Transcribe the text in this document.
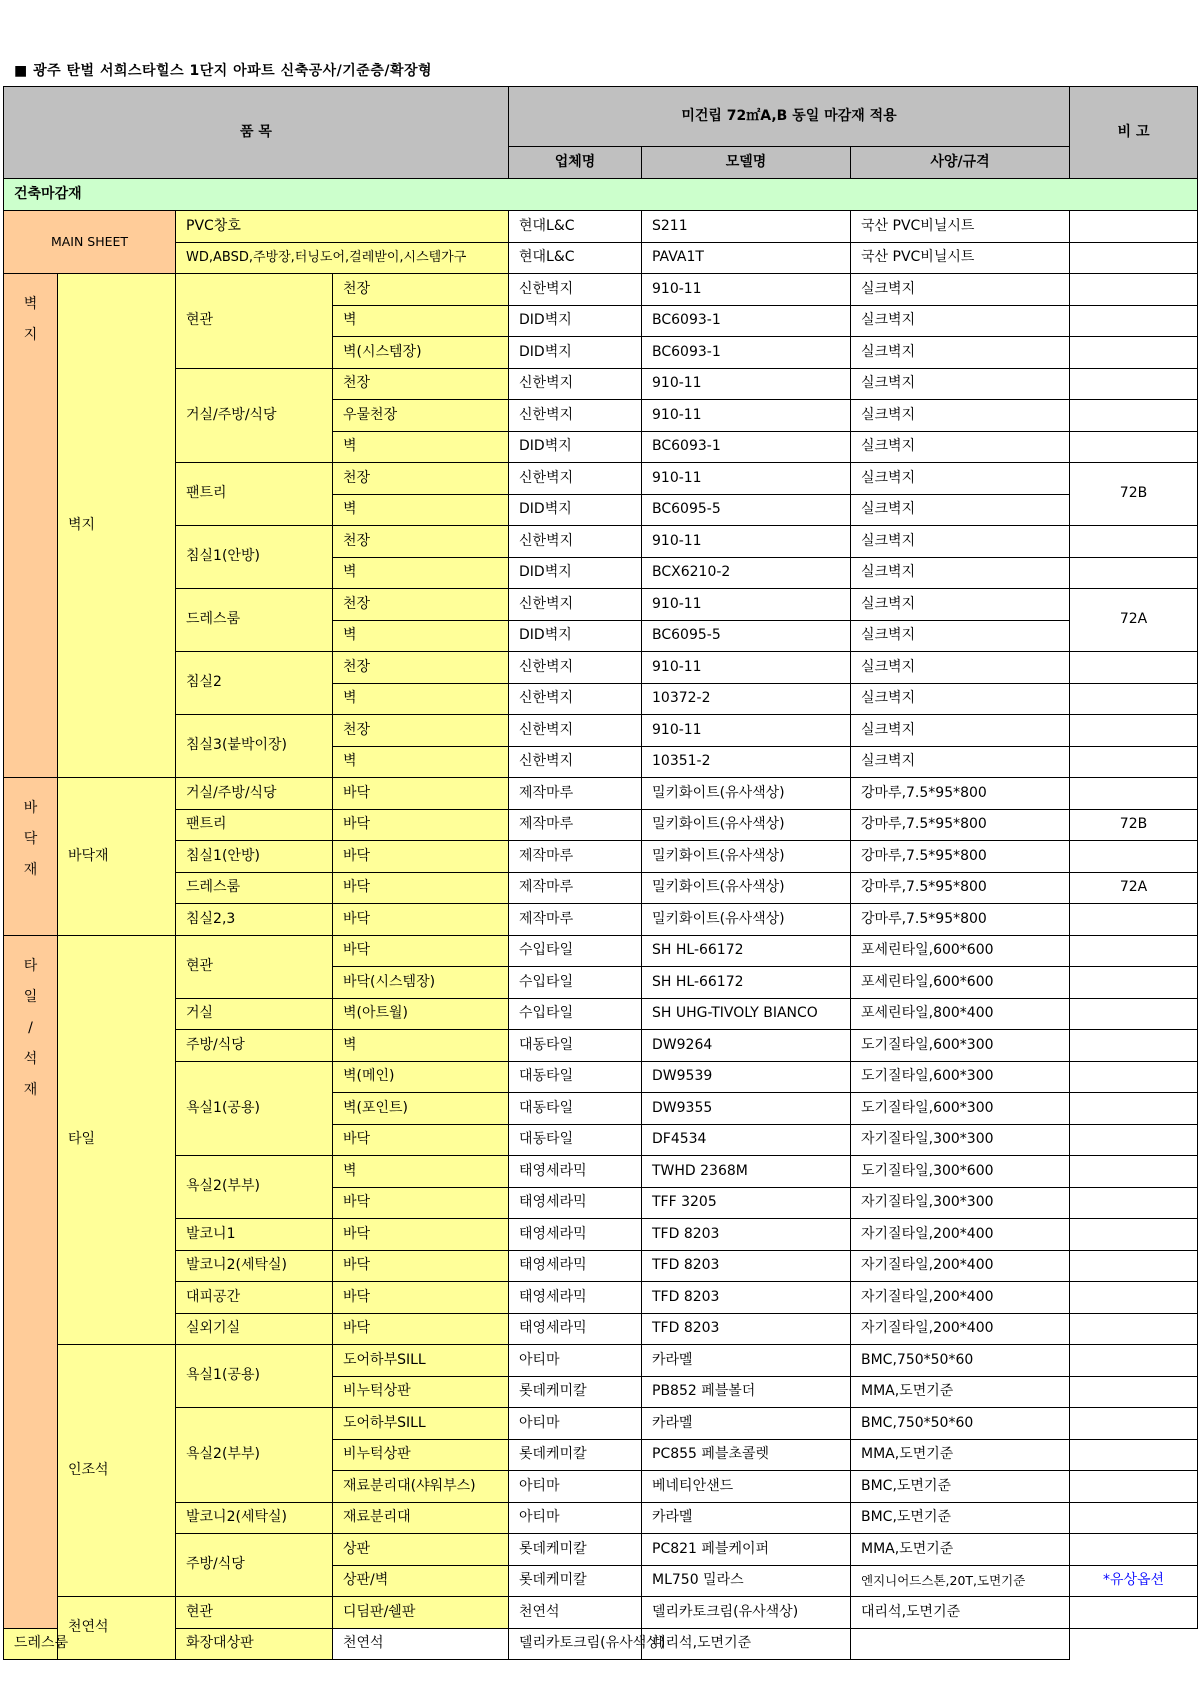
■ 광주 탄벌 서희스타힐스 1단지 아파트 신축공사/기준층/확장형
품 목				미건립 72㎡A,B 동일 마감재 적용			비 고
				업체명	모델명	사양/규격	
건축마감재							
MAIN SHEET		PVC창호		현대L&C	S211	국산 PVC비닐시트	
		WD,ABSD,주방장,터닝도어,걸레받이,시스템가구		현대L&C	PAVA1T	국산 PVC비닐시트	

벽
지	벽지	현관	천장	신한벽지	910-11	실크벽지	
			벽	DID벽지	BC6093-1	실크벽지	
			벽(시스템장)	DID벽지	BC6093-1	실크벽지	
		거실/주방/식당	천장	신한벽지	910-11	실크벽지	
			우물천장	신한벽지	910-11	실크벽지	
			벽	DID벽지	BC6093-1	실크벽지	
		팬트리	천장	신한벽지	910-11	실크벽지	72B
			벽	DID벽지	BC6095-5	실크벽지	
		침실1(안방)	천장	신한벽지	910-11	실크벽지	
			벽	DID벽지	BCX6210-2	실크벽지	
		드레스룸	천장	신한벽지	910-11	실크벽지	72A
			벽	DID벽지	BC6095-5	실크벽지	
		침실2	천장	신한벽지	910-11	실크벽지	
			벽	신한벽지	10372-2	실크벽지	
		침실3(붙박이장)	천장	신한벽지	910-11	실크벽지	
			벽	신한벽지	10351-2	실크벽지	

바
닥
재	바닥재	거실/주방/식당	바닥	제작마루	밀키화이트(유사색상)	강마루,7.5*95*800	
		팬트리	바닥	제작마루	밀키화이트(유사색상)	강마루,7.5*95*800	72B
		침실1(안방)	바닥	제작마루	밀키화이트(유사색상)	강마루,7.5*95*800	
		드레스룸	바닥	제작마루	밀키화이트(유사색상)	강마루,7.5*95*800	72A
		침실2,3	바닥	제작마루	밀키화이트(유사색상)	강마루,7.5*95*800	

타
일
/
석
재	타일	현관	바닥	수입타일	SH HL-66172	포세린타일,600*600	
			바닥(시스템장)	수입타일	SH HL-66172	포세린타일,600*600	
		거실	벽(아트월)	수입타일	SH UHG-TIVOLY BIANCO	포세린타일,800*400	
		주방/식당	벽	대동타일	DW9264	도기질타일,600*300	
		욕실1(공용)	벽(메인)	대동타일	DW9539	도기질타일,600*300	
			벽(포인트)	대동타일	DW9355	도기질타일,600*300	
			바닥	대동타일	DF4534	자기질타일,300*300	
		욕실2(부부)	벽	태영세라믹	TWHD 2368M	도기질타일,300*600	
			바닥	태영세라믹	TFF 3205	자기질타일,300*300	
		발코니1	바닥	태영세라믹	TFD 8203	자기질타일,200*400	
		발코니2(세탁실)	바닥	태영세라믹	TFD 8203	자기질타일,200*400	
		대피공간	바닥	태영세라믹	TFD 8203	자기질타일,200*400	
		실외기실	바닥	태영세라믹	TFD 8203	자기질타일,200*400	
	인조석	욕실1(공용)	도어하부SILL	아티마	카라멜	BMC,750*50*60	
			비누턱상판	롯데케미칼	PB852 페블볼더	MMA,도면기준	
		욕실2(부부)	도어하부SILL	아티마	카라멜	BMC,750*50*60	
			비누턱상판	롯데케미칼	PC855 페블초콜렛	MMA,도면기준	
			재료분리대(샤워부스)	아티마	베네티안샌드	BMC,도면기준	
		발코니2(세탁실)	재료분리대	아티마	카라멜	BMC,도면기준	
		주방/식당	상판	롯데케미칼	PC821 페블케이퍼	MMA,도면기준	
			상판/벽	롯데케미칼	ML750 밀라스	엔지니어드스톤,20T,도면기준	*유상옵션
	천연석	현관	디딤판/쉘판	천연석	델리카토크림(유사색상)	대리석,도면기준	
드레스룸		화장대상판	천연석	델리카토크림(유사색상)	대리석,도면기준		
